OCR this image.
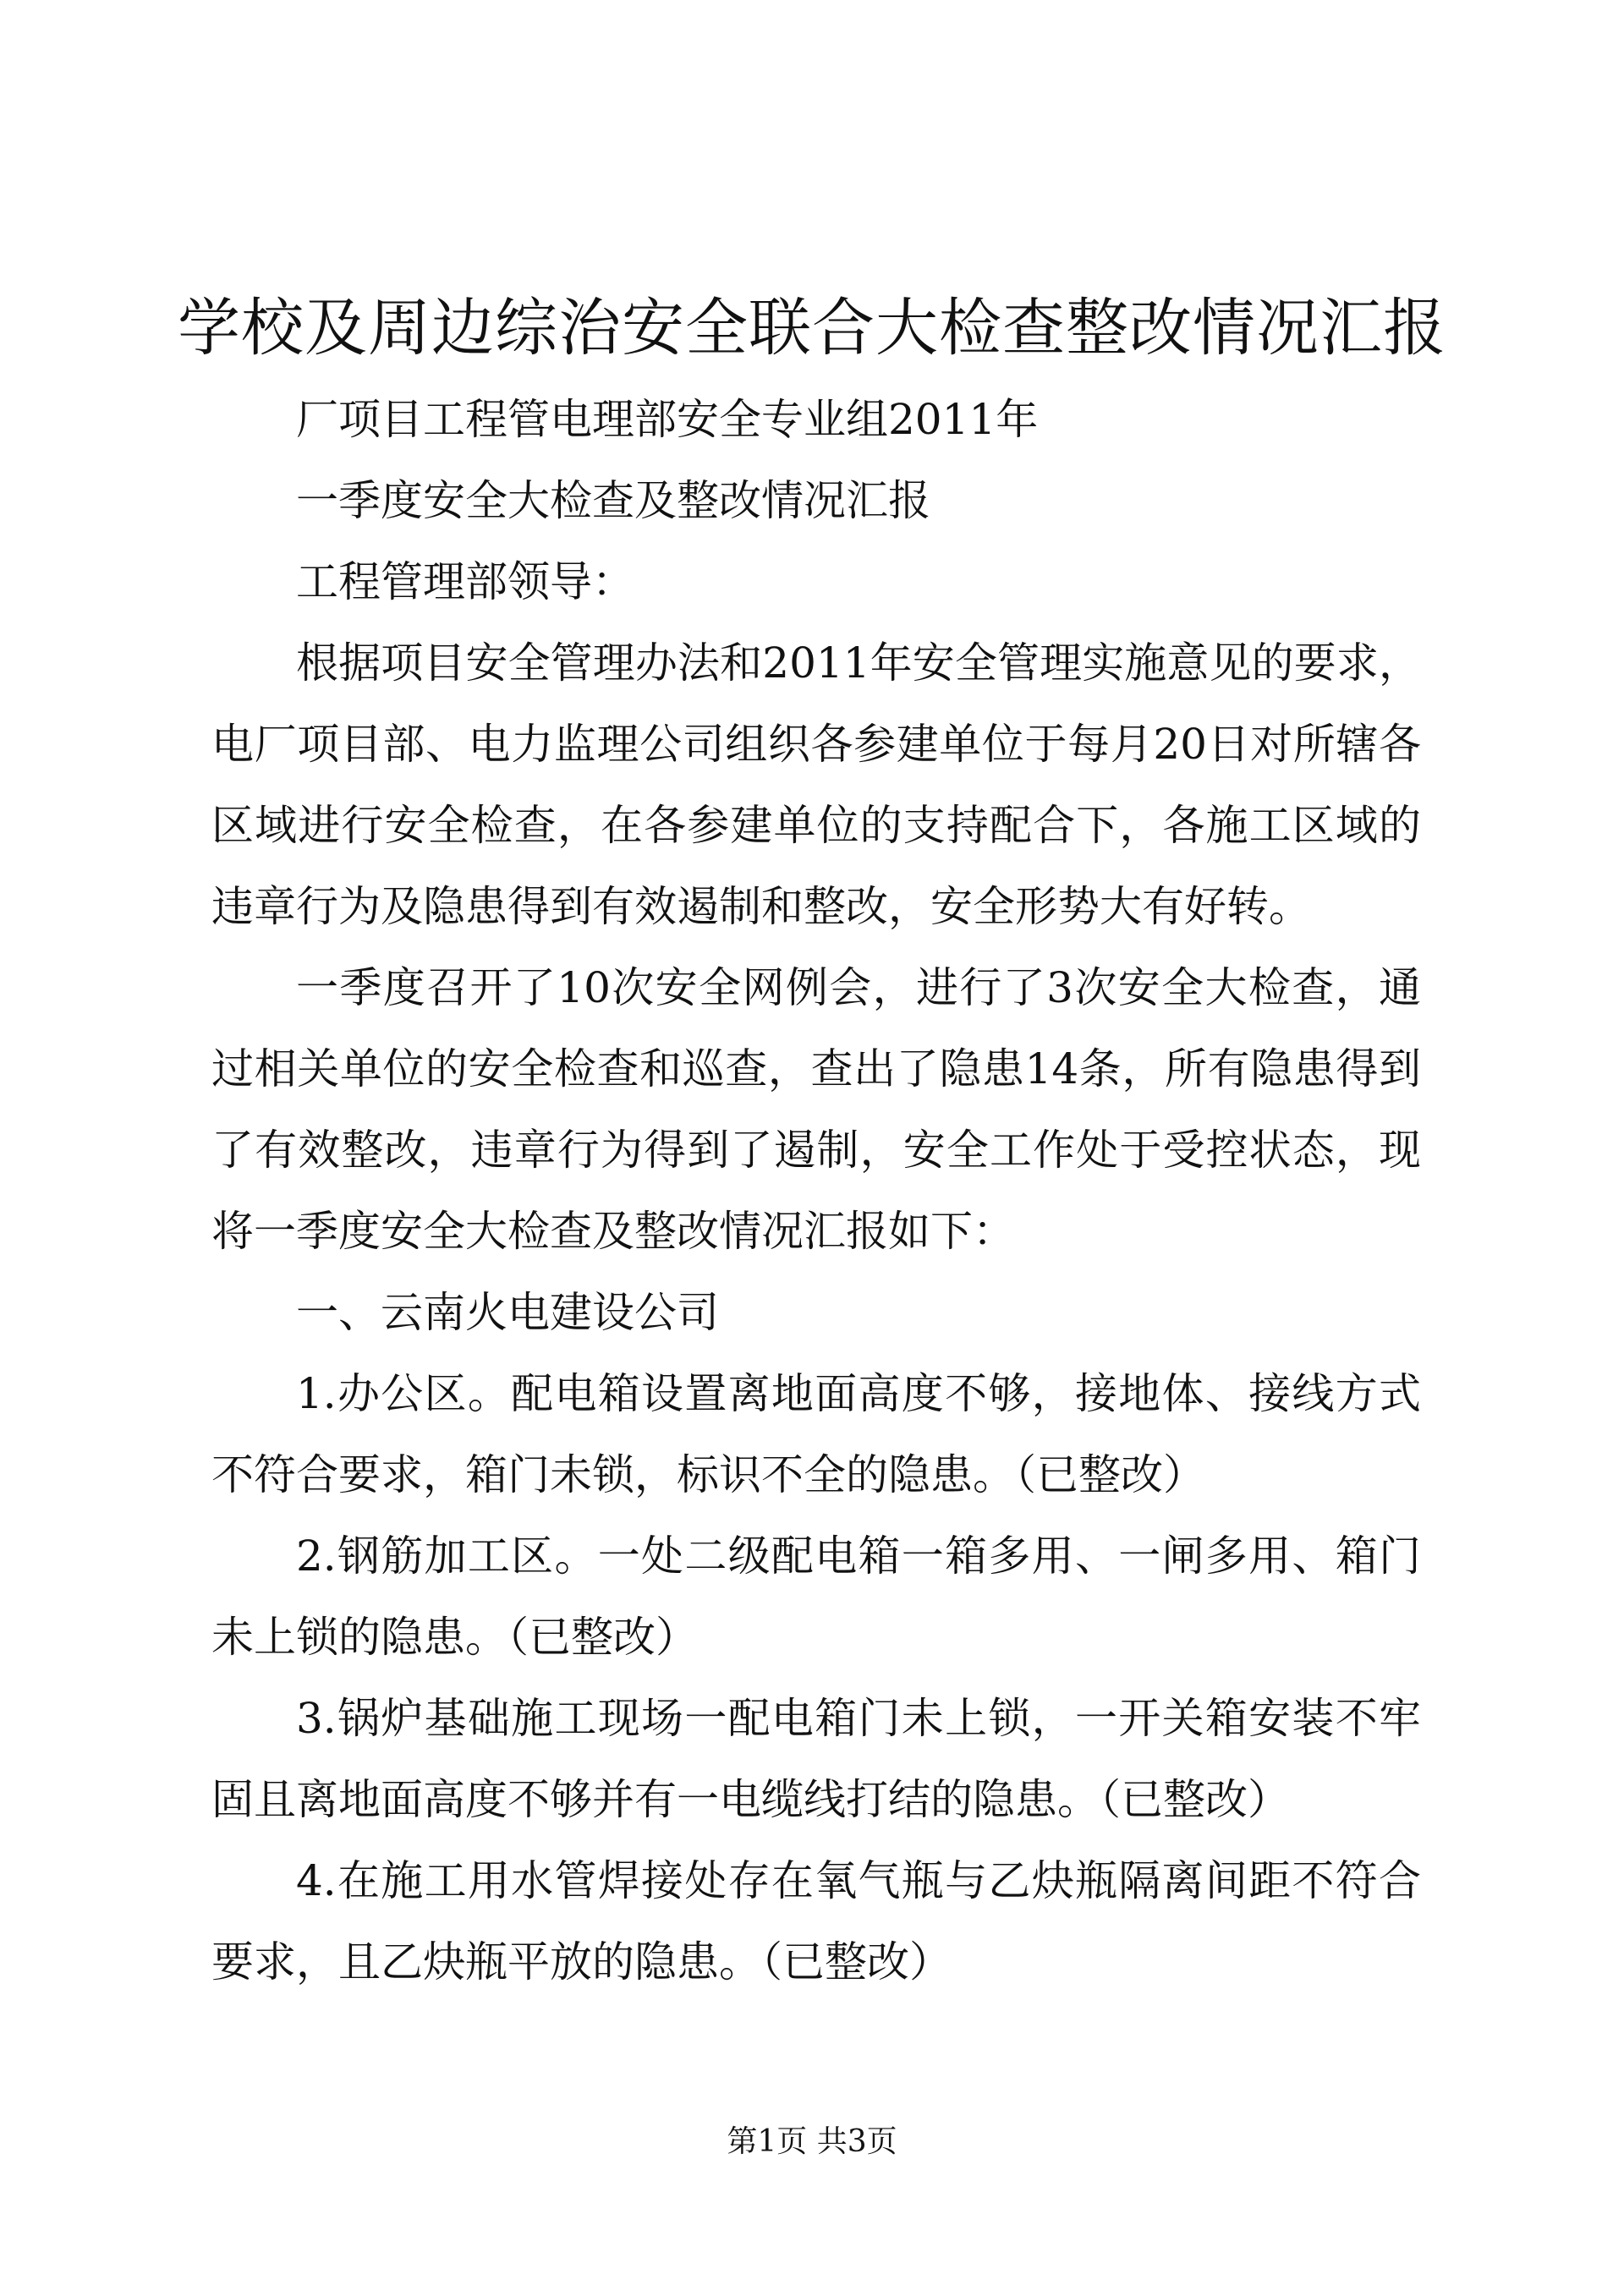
学校及周边综治安全联合大检查整改情况汇报

厂项目工程管电理部安全专业组2011年

一季度安全大检查及整改情况汇报

工程管理部领导：

根据项目安全管理办法和2011年安全管理实施意见的要求，电厂项目部、电力监理公司组织各参建单位于每月20日对所辖各区域进行安全检查，在各参建单位的支持配合下，各施工区域的违章行为及隐患得到有效遏制和整改，安全形势大有好转。

一季度召开了10次安全网例会，进行了3次安全大检查，通过相关单位的安全检查和巡查，查出了隐患14条，所有隐患得到了有效整改，违章行为得到了遏制，安全工作处于受控状态，现将一季度安全大检查及整改情况汇报如下：

一、云南火电建设公司

1.办公区。配电箱设置离地面高度不够，接地体、接线方式不符合要求，箱门未锁，标识不全的隐患。（已整改）

2.钢筋加工区。一处二级配电箱一箱多用、一闸多用、箱门未上锁的隐患。（已整改）

3.锅炉基础施工现场一配电箱门未上锁，一开关箱安装不牢固且离地面高度不够并有一电缆线打结的隐患。（已整改）

4.在施工用水管焊接处存在氧气瓶与乙炔瓶隔离间距不符合要求，且乙炔瓶平放的隐患。（已整改）

第1页 共3页
